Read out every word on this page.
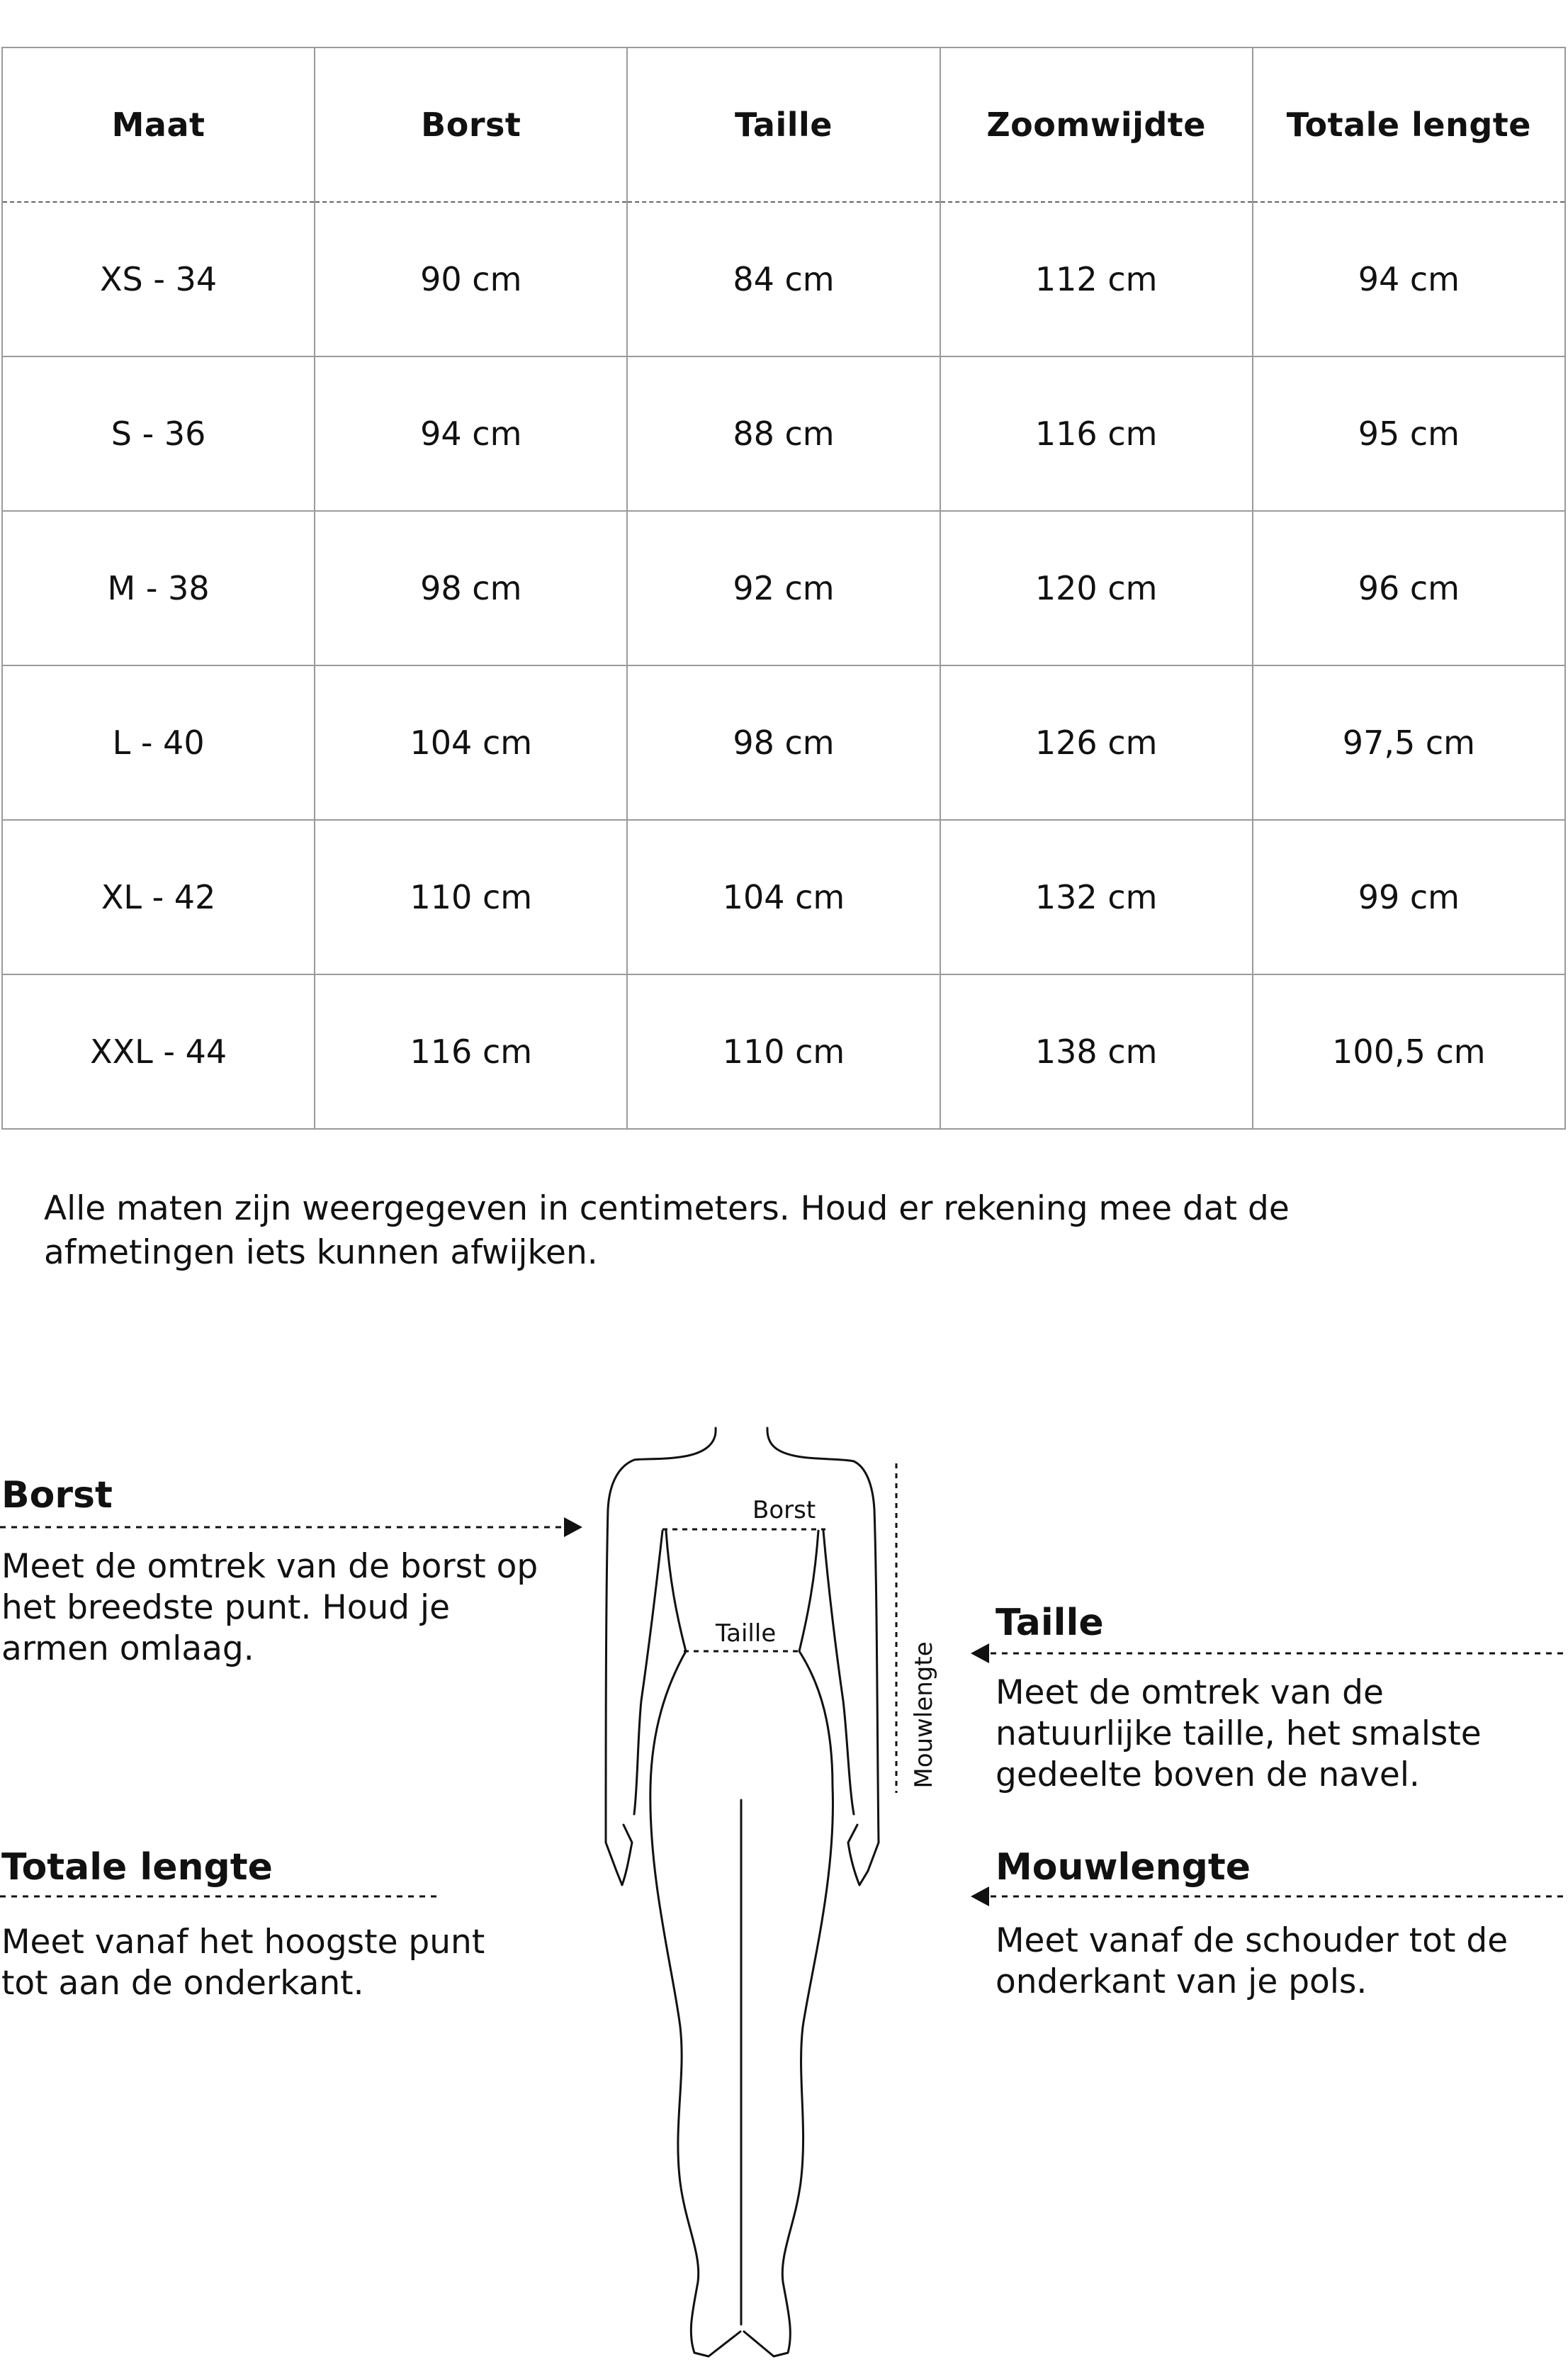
Maat	Borst	Taille	Zoomwijdte	Totale lengte
XS - 34	90 cm	84 cm	112 cm	94 cm
S - 36	94 cm	88 cm	116 cm	95 cm
M - 38	98 cm	92 cm	120 cm	96 cm
L - 40	104 cm	98 cm	126 cm	97,5 cm
XL - 42	110 cm	104 cm	132 cm	99 cm
XXL - 44	116 cm	110 cm	138 cm	100,5 cm
Alle maten zijn weergegeven in centimeters. Houd er rekening mee dat de afmetingen iets kunnen afwijken.
Borst
Taille
Mouwlengte
Borst
Meet de omtrek van de borst op het breedste punt. Houd je armen omlaag.
Taille
Meet de omtrek van de natuurlijke taille, het smalste gedeelte boven de navel.
Totale lengte
Meet vanaf het hoogste punt tot aan de onderkant.
Mouwlengte
Meet vanaf de schouder tot de onderkant van je pols.
